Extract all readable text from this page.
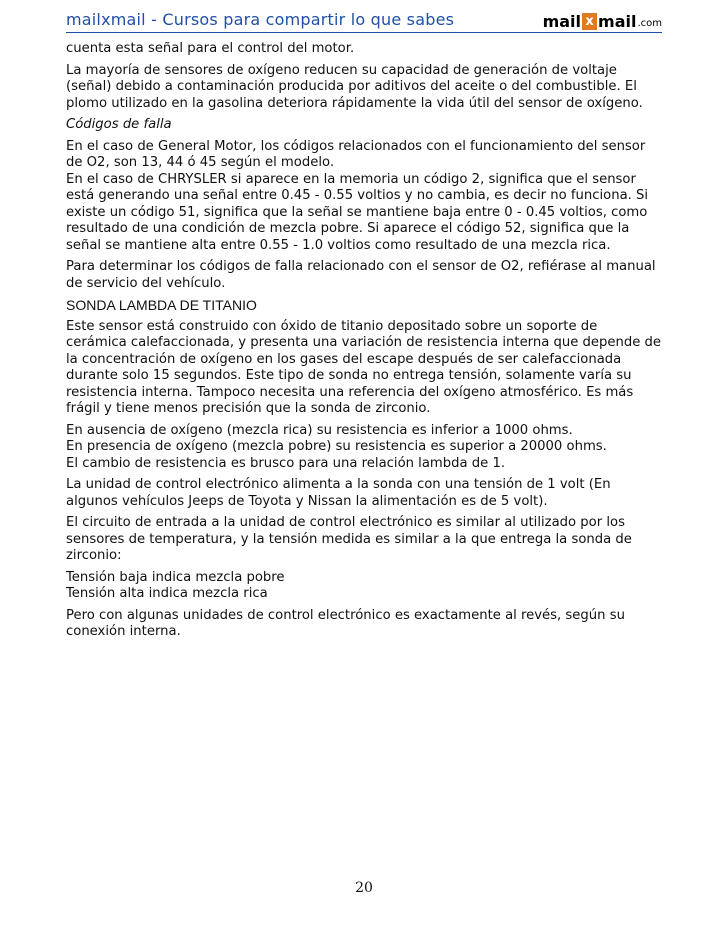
mailxmail - Cursos para compartir lo que sabes	mail x mail .com

cuenta esta señal para el control del motor.

La mayoría de sensores de oxígeno reducen su capacidad de generación de voltaje (señal) debido a contaminación producida por aditivos del aceite o del combustible. El plomo utilizado en la gasolina deteriora rápidamente la vida útil del sensor de oxígeno.

Códigos de falla

En el caso de General Motor, los códigos relacionados con el funcionamiento del sensor de O2, son 13, 44 ó 45 según el modelo.
En el caso de CHRYSLER si aparece en la memoria un código 2, significa que el sensor está generando una señal entre 0.45 - 0.55 voltios y no cambia, es decir no funciona. Si existe un código 51, significa que la señal se mantiene baja entre 0 - 0.45 voltios, como resultado de una condición de mezcla pobre. Si aparece el código 52, significa que la señal se mantiene alta entre 0.55 - 1.0 voltios como resultado de una mezcla rica.

Para determinar los códigos de falla relacionado con el sensor de O2, refiérase al manual de servicio del vehículo.

SONDA LAMBDA DE TITANIO

Este sensor está construido con óxido de titanio depositado sobre un soporte de cerámica calefaccionada, y presenta una variación de resistencia interna que depende de la concentración de oxígeno en los gases del escape después de ser calefaccionada durante solo 15 segundos. Este tipo de sonda no entrega tensión, solamente varía su resistencia interna. Tampoco necesita una referencia del oxígeno atmosférico. Es más frágil y tiene menos precisión que la sonda de zirconio.

En ausencia de oxígeno (mezcla rica) su resistencia es inferior a 1000 ohms.
En presencia de oxígeno (mezcla pobre) su resistencia es superior a 20000 ohms.
El cambio de resistencia es brusco para una relación lambda de 1.

La unidad de control electrónico alimenta a la sonda con una tensión de 1 volt (En algunos vehículos Jeeps de Toyota y Nissan la alimentación es de 5 volt).

El circuito de entrada a la unidad de control electrónico es similar al utilizado por los sensores de temperatura, y la tensión medida es similar a la que entrega la sonda de zirconio:

Tensión baja indica mezcla pobre
Tensión alta indica mezcla rica

Pero con algunas unidades de control electrónico es exactamente al revés, según su conexión interna.

20
